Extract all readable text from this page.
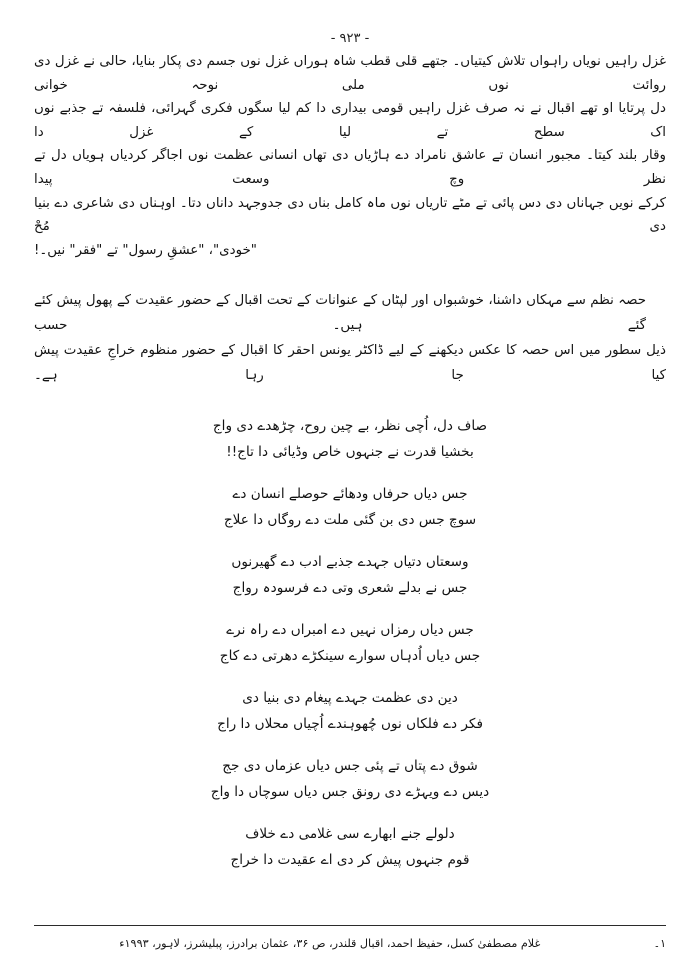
- ۳۲۹ -
غزل راہیں نویاں راہواں تلاش کیتیاں۔ جتھے قلی قطب شاہ ہوراں غزل نوں جسم دی پکار بنایا، حالی نے غزل دی روائت نوں ملی نوحہ خوانی
دل پرتایا او تھے اقبال نے نہ صرف غزل راہیں قومی بیداری دا کم لیا سگوں فکری گہرائی، فلسفہ تے جذبے نوں اک سطح تے لیا کے غزل دا
وقار بلند کیتا۔ مجبور انسان تے عاشق نامراد دے ہاڑیاں دی تھاں انسانی عظمت نوں اجاگر کردیاں ہویاں دل تے نظر وچ وسعت پیدا
کرکے نویں جہاناں دی دس پائی تے مٹے تاریاں نوں ماہ کامل بناں دی جدوجہد داناں دتا۔ اوہناں دی شاعری دے بنیا دی مُحْ
"خودی"، "عشقِ رسول" تے "فقر" نیں۔!
حصہ نظم سے مہکاں داشنا، خوشبواں اور لپٹاں کے عنوانات کے تحت اقبال کے حضور عقیدت کے پھول پیش کئے گئے ہیں۔ حسب
ذیل سطور میں اس حصہ کا عکس دیکھنے کے لیے ڈاکٹر یونس احقر کا اقبال کے حضور منظوم خراجِ عقیدت پیش کیا جا رہا ہے۔
صاف دل، اُچی نظر، بے چین روح، چڑھدے دی واج
بخشیا قدرت نے جنہوں خاص وڈیائی دا تاج!!
جس دیاں حرفاں ودھائے حوصلے انسان دے
سوچ جس دی بن گئی ملت دے روگاں دا علاج
وسعتاں دتیاں جہدے جذبے ادب دے گھیرنوں
جس نے بدلے شعری وتی دے فرسودہ رواج
جس دیاں رمزاں نہیں دے امبراں دے راہ نرے
جس دیاں اُدہاں سوارے سینکڑے دھرتی دے کاج
دین دی عظمت جہدے پیغام دی بنیا دی
فکر دے فلکاں نوں چُھوہندے اُچیاں محلاں دا راج
شوق دے پتاں تے پئی جس دیاں عزماں دی جج
دیس دے ویہڑے دی رونق جس دیاں سوچاں دا واج
دلولے جنے ابھارے سی غلامی دے خلاف
قوم جنہوں پیش کر دی اے عقیدت دا خراج
۱۔
غلام مصطفیٰ کسل، حفیظ احمد، اقبال قلندر، ص ۳۶، عثمان برادرز، پبلیشرز، لاہور، ۱۹۹۳ء
